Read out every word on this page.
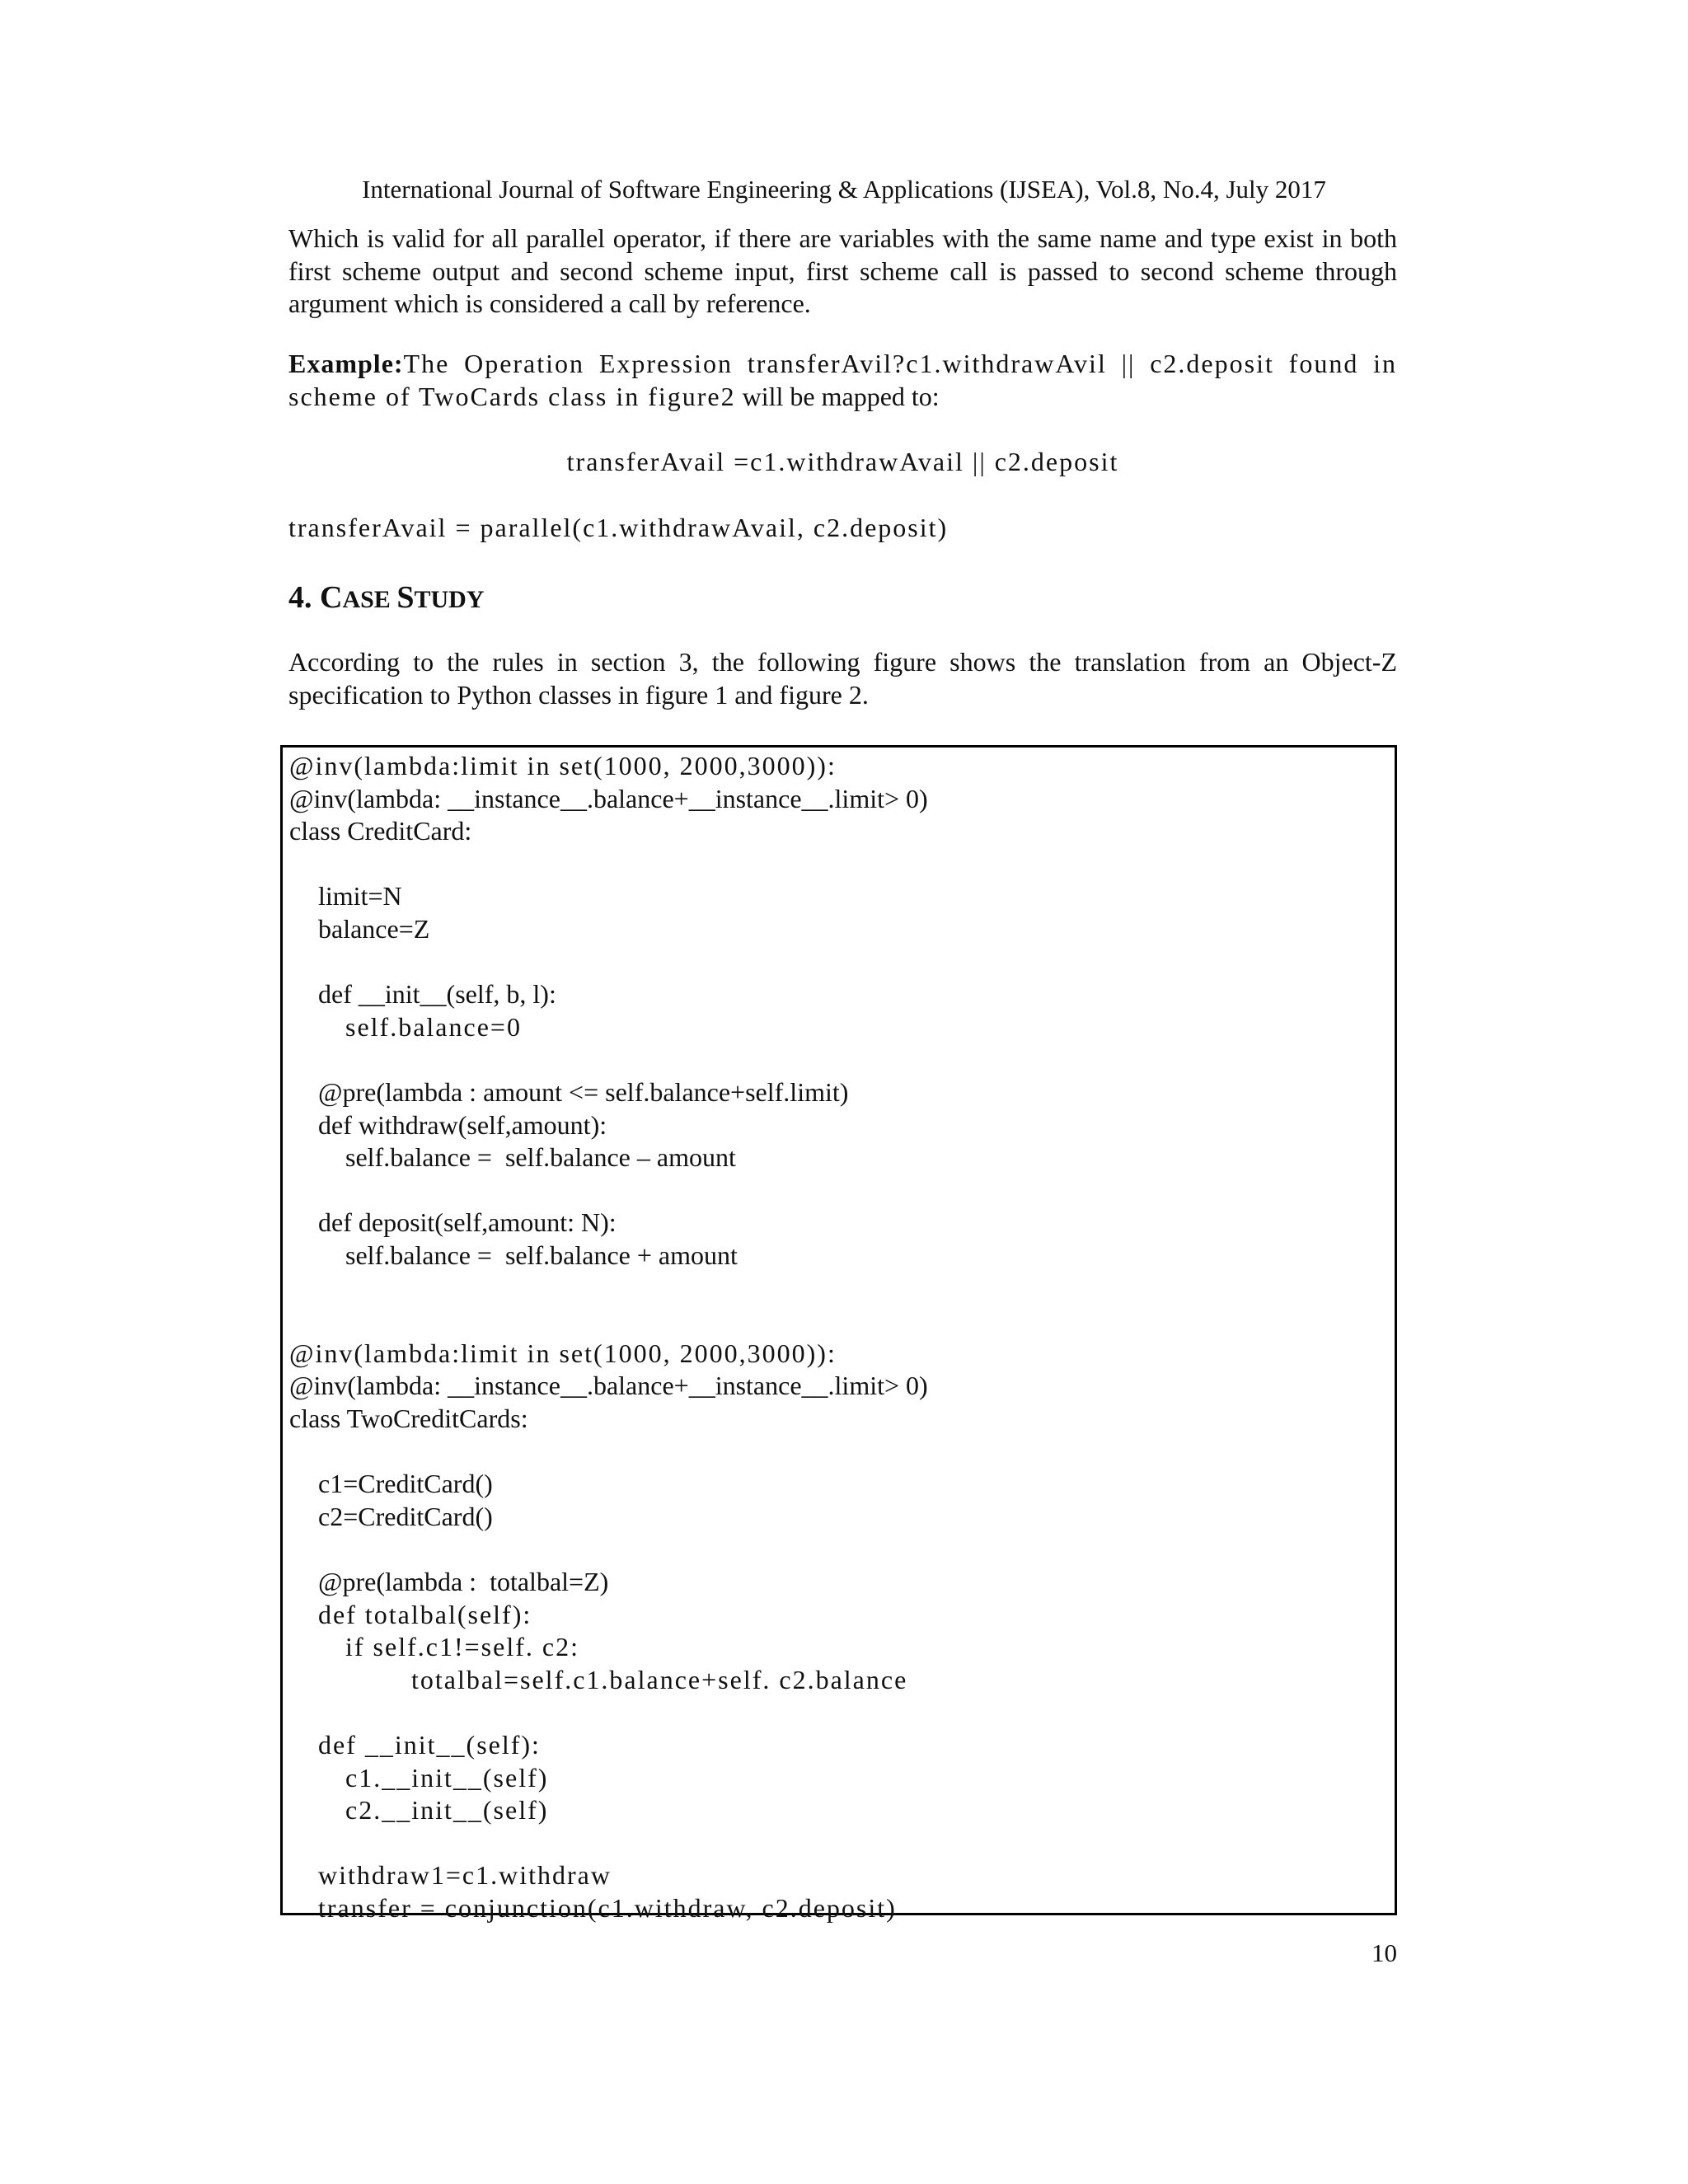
International Journal of Software Engineering & Applications (IJSEA), Vol.8, No.4, July 2017

Which is valid for all parallel operator, if there are variables with the same name and type exist in both first scheme output and second scheme input, first scheme call is passed to second scheme through argument which is considered a call by reference.

Example:The Operation Expression transferAvil?c1.withdrawAvil || c2.deposit found in scheme of TwoCards class in figure2 will be mapped to:

transferAvail =c1.withdrawAvail || c2.deposit
transferAvail = parallel(c1.withdrawAvail, c2.deposit)
4. CASE STUDY

According to the rules in section 3, the following figure shows the translation from an Object-Z specification to Python classes in figure 1 and figure 2.

@inv(lambda:limit in set(1000, 2000,3000)):
@inv(lambda: __instance__.balance+__instance__.limit> 0)
class CreditCard:
limit=N
balance=Z
def __init__(self, b, l):
self.balance=0
@pre(lambda : amount <= self.balance+self.limit)
def withdraw(self,amount):
self.balance =  self.balance – amount
def deposit(self,amount: N):
self.balance =  self.balance + amount
@inv(lambda:limit in set(1000, 2000,3000)):
@inv(lambda: __instance__.balance+__instance__.limit> 0)
class TwoCreditCards:
c1=CreditCard()
c2=CreditCard()
@pre(lambda :  totalbal=Z)
def totalbal(self):
if self.c1!=self. c2:
totalbal=self.c1.balance+self. c2.balance
def __init__(self):
c1.__init__(self)
c2.__init__(self)
withdraw1=c1.withdraw
transfer = conjunction(c1.withdraw, c2.deposit)
10
